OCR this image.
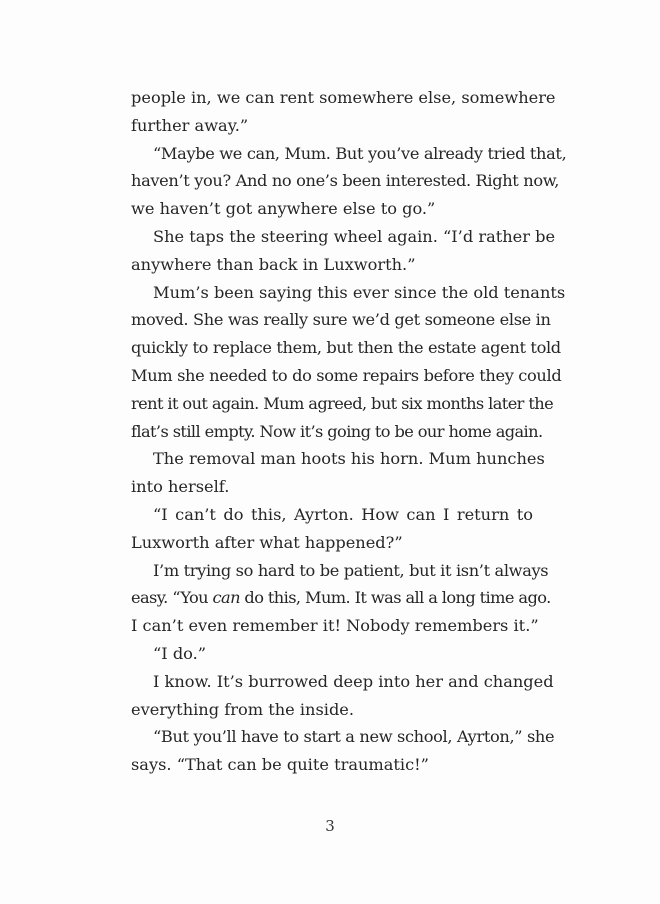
people in, we can rent somewhere else, somewhere
further away.”
“Maybe we can, Mum. But you’ve already tried that,
haven’t you? And no one’s been interested. Right now,
we haven’t got anywhere else to go.”
She taps the steering wheel again. “I’d rather be
anywhere than back in Luxworth.”
Mum’s been saying this ever since the old tenants
moved. She was really sure we’d get someone else in
quickly to replace them, but then the estate agent told
Mum she needed to do some repairs before they could
rent it out again. Mum agreed, but six months later the
flat’s still empty. Now it’s going to be our home again.
The removal man hoots his horn. Mum hunches
into herself.
“I can’t do this, Ayrton. How can I return to
Luxworth after what happened?”
I’m trying so hard to be patient, but it isn’t always
easy. “You can do this, Mum. It was all a long time ago.
I can’t even remember it! Nobody remembers it.”
“I do.”
I know. It’s burrowed deep into her and changed
everything from the inside.
“But you’ll have to start a new school, Ayrton,” she
says. “That can be quite traumatic!”
3
